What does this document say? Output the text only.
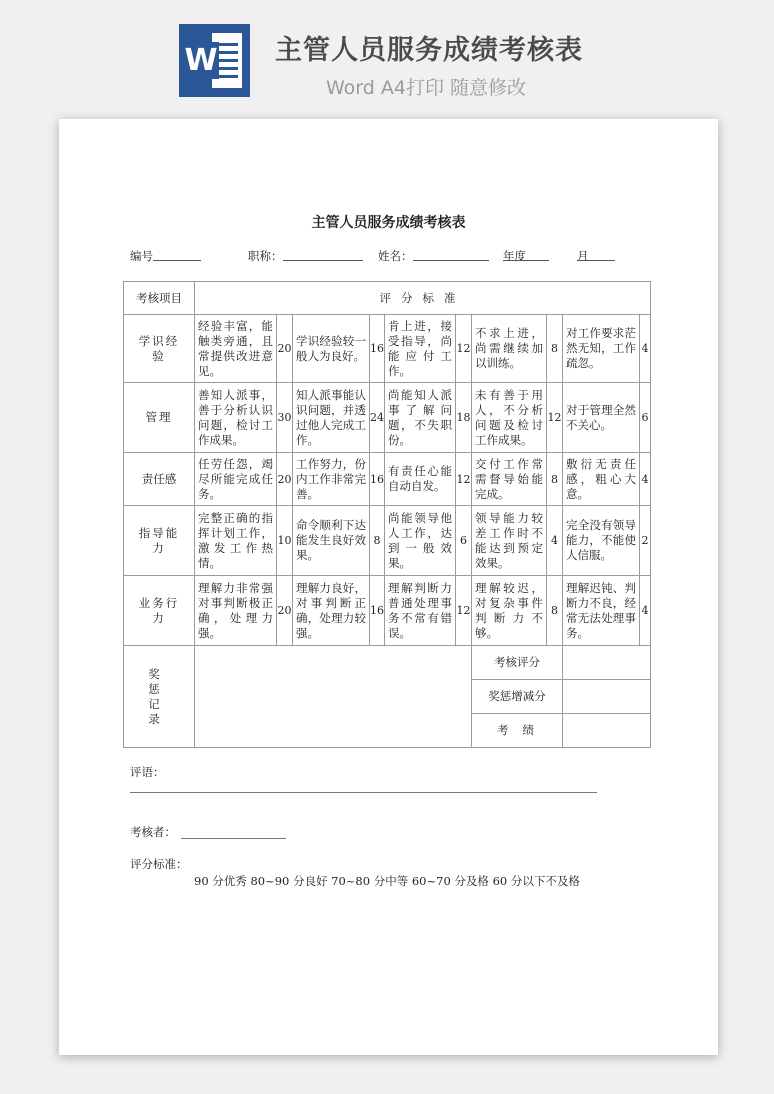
W 主管人员服务成绩考核表
Word A4打印 随意修改
主管人员服务成绩考核表
编号	职称：	姓名：	年度	月
考核项目	评分标准									
学识经验	经验丰富，能触类旁通，且常提供改进意见。	20	学识经验较一般人为良好。	16	肯上进，接受指导，尚能应付工作。	12	不求上进，尚需继续加以训练。	8	对工作要求茫然无知，工作疏忽。	4
管理	善知人派事，善于分析认识问题，检讨工作成果。	30	知人派事能认识问题，并透过他人完成工作。	24	尚能知人派事了解问题，不失职份。	18	未有善于用人，不分析问题及检讨工作成果。	12	对于管理全然不关心。	6
责任感	任劳任怨，竭尽所能完成任务。	20	工作努力，份内工作非常完善。	16	有责任心能自动自发。	12	交付工作常需督导始能完成。	8	敷衍无责任感，粗心大意。	4
指导能力	完整正确的指挥计划工作，激发工作热情。	10	命令顺利下达能发生良好效果。	8	尚能领导他人工作，达到一般效果。	6	领导能力较差工作时不能达到预定效果。	4	完全没有领导能力，不能使人信服。	2
业务行力	理解力非常强对事判断极正确，处理力强。	20	理解力良好，对事判断正确，处理力较强。	16	理解判断力普通处理事务不常有错误。	12	理解较迟，对复杂事件判断力不够。	8	理解迟钝、判断力不良，经常无法处理事务。	4
奖惩记录							考核评分			
							奖惩增减分			
							考绩			
评语：
考核者：
评分标准：
90 分优秀 80~90 分良好 70~80 分中等 60~70 分及格 60 分以下不及格
